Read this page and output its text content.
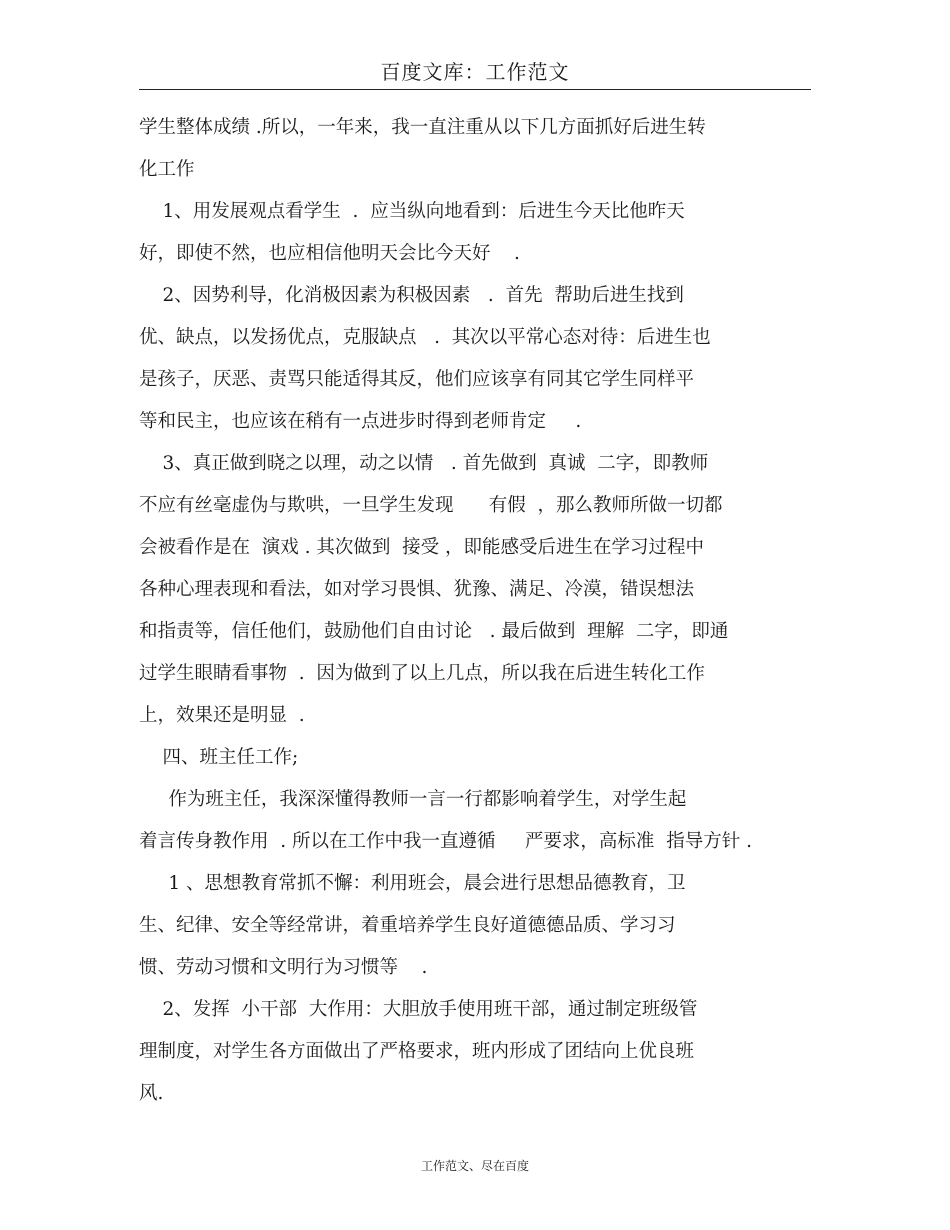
百度文库：工作范文
学生整体成绩 .所以，一年来，我一直注重从以下几方面抓好后进生转
化工作
1、用发展观点看学生  .  应当纵向地看到：后进生今天比他昨天
好，即使不然，也应相信他明天会比今天好    .
2、因势利导，化消极因素为积极因素   .  首先  帮助后进生找到
优、缺点，以发扬优点，克服缺点   .  其次以平常心态对待：后进生也
是孩子，厌恶、责骂只能适得其反，他们应该享有同其它学生同样平
等和民主，也应该在稍有一点进步时得到老师肯定     .
3、真正做到晓之以理，动之以情   . 首先做到  真诚  二字，即教师
不应有丝毫虚伪与欺哄，一旦学生发现      有假  ，那么教师所做一切都
会被看作是在  演戏 . 其次做到  接受 ，即能感受后进生在学习过程中
各种心理表现和看法，如对学习畏惧、犹豫、满足、冷漠，错误想法
和指责等，信任他们，鼓励他们自由讨论   . 最后做到  理解  二字，即通
过学生眼睛看事物  .  因为做到了以上几点，所以我在后进生转化工作
上，效果还是明显  .
四、班主任工作;
作为班主任，我深深懂得教师一言一行都影响着学生，对学生起
着言传身教作用  . 所以在工作中我一直遵循     严要求，高标准  指导方针 .
1 、思想教育常抓不懈：利用班会，晨会进行思想品德教育，卫
生、纪律、安全等经常讲，着重培养学生良好道德德品质、学习习
惯、劳动习惯和文明行为习惯等    .
2、发挥  小干部  大作用：大胆放手使用班干部，通过制定班级管
理制度，对学生各方面做出了严格要求，班内形成了团结向上优良班
风.
工作范文、尽在百度
